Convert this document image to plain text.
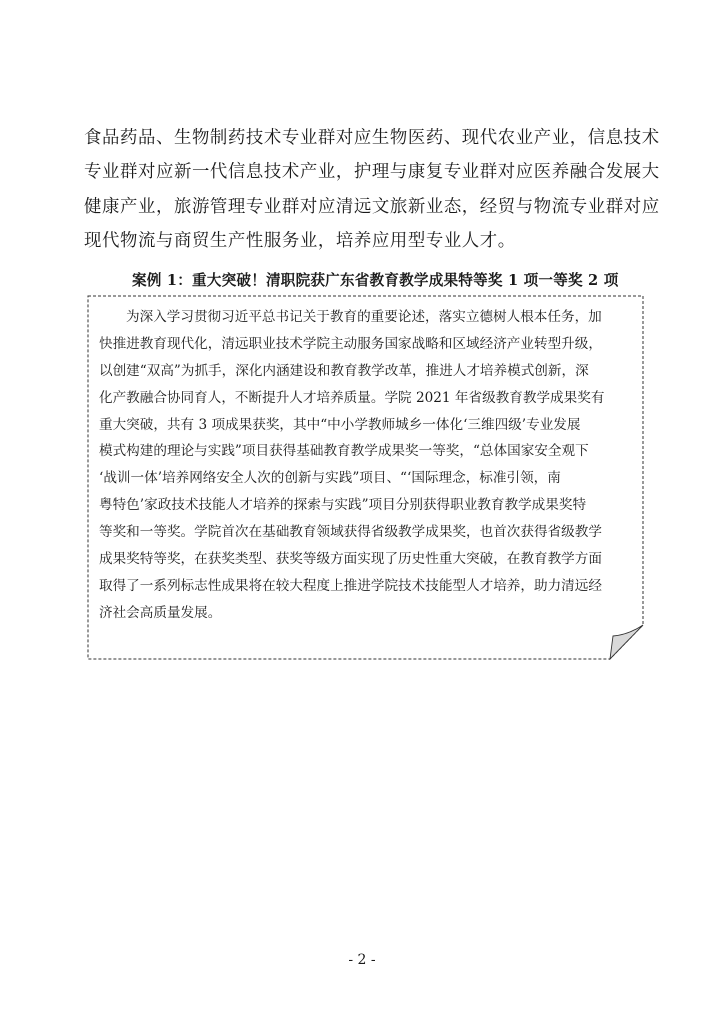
食品药品、生物制药技术专业群对应生物医药、现代农业产业，信息技术
专业群对应新一代信息技术产业，护理与康复专业群对应医养融合发展大
健康产业，旅游管理专业群对应清远文旅新业态，经贸与物流专业群对应
现代物流与商贸生产性服务业，培养应用型专业人才。
案例 1：重大突破！清职院获广东省教育教学成果特等奖 1 项一等奖 2 项
为深入学习贯彻习近平总书记关于教育的重要论述，落实立德树人根本任务，加
快推进教育现代化，清远职业技术学院主动服务国家战略和区域经济产业转型升级，
以创建“双高”为抓手，深化内涵建设和教育教学改革，推进人才培养模式创新，深
化产教融合协同育人，不断提升人才培养质量。学院 2021 年省级教育教学成果奖有
重大突破，共有 3 项成果获奖，其中“中小学教师城乡一体化‘三维四级’专业发展
模式构建的理论与实践”项目获得基础教育教学成果奖一等奖，“总体国家安全观下
‘战训一体’培养网络安全人次的创新与实践”项目、“‘国际理念，标准引领，南
粤特色’家政技术技能人才培养的探索与实践”项目分别获得职业教育教学成果奖特
等奖和一等奖。学院首次在基础教育领域获得省级教学成果奖，也首次获得省级教学
成果奖特等奖，在获奖类型、获奖等级方面实现了历史性重大突破，在教育教学方面
取得了一系列标志性成果将在较大程度上推进学院技术技能型人才培养，助力清远经
济社会高质量发展。
- 2 -
